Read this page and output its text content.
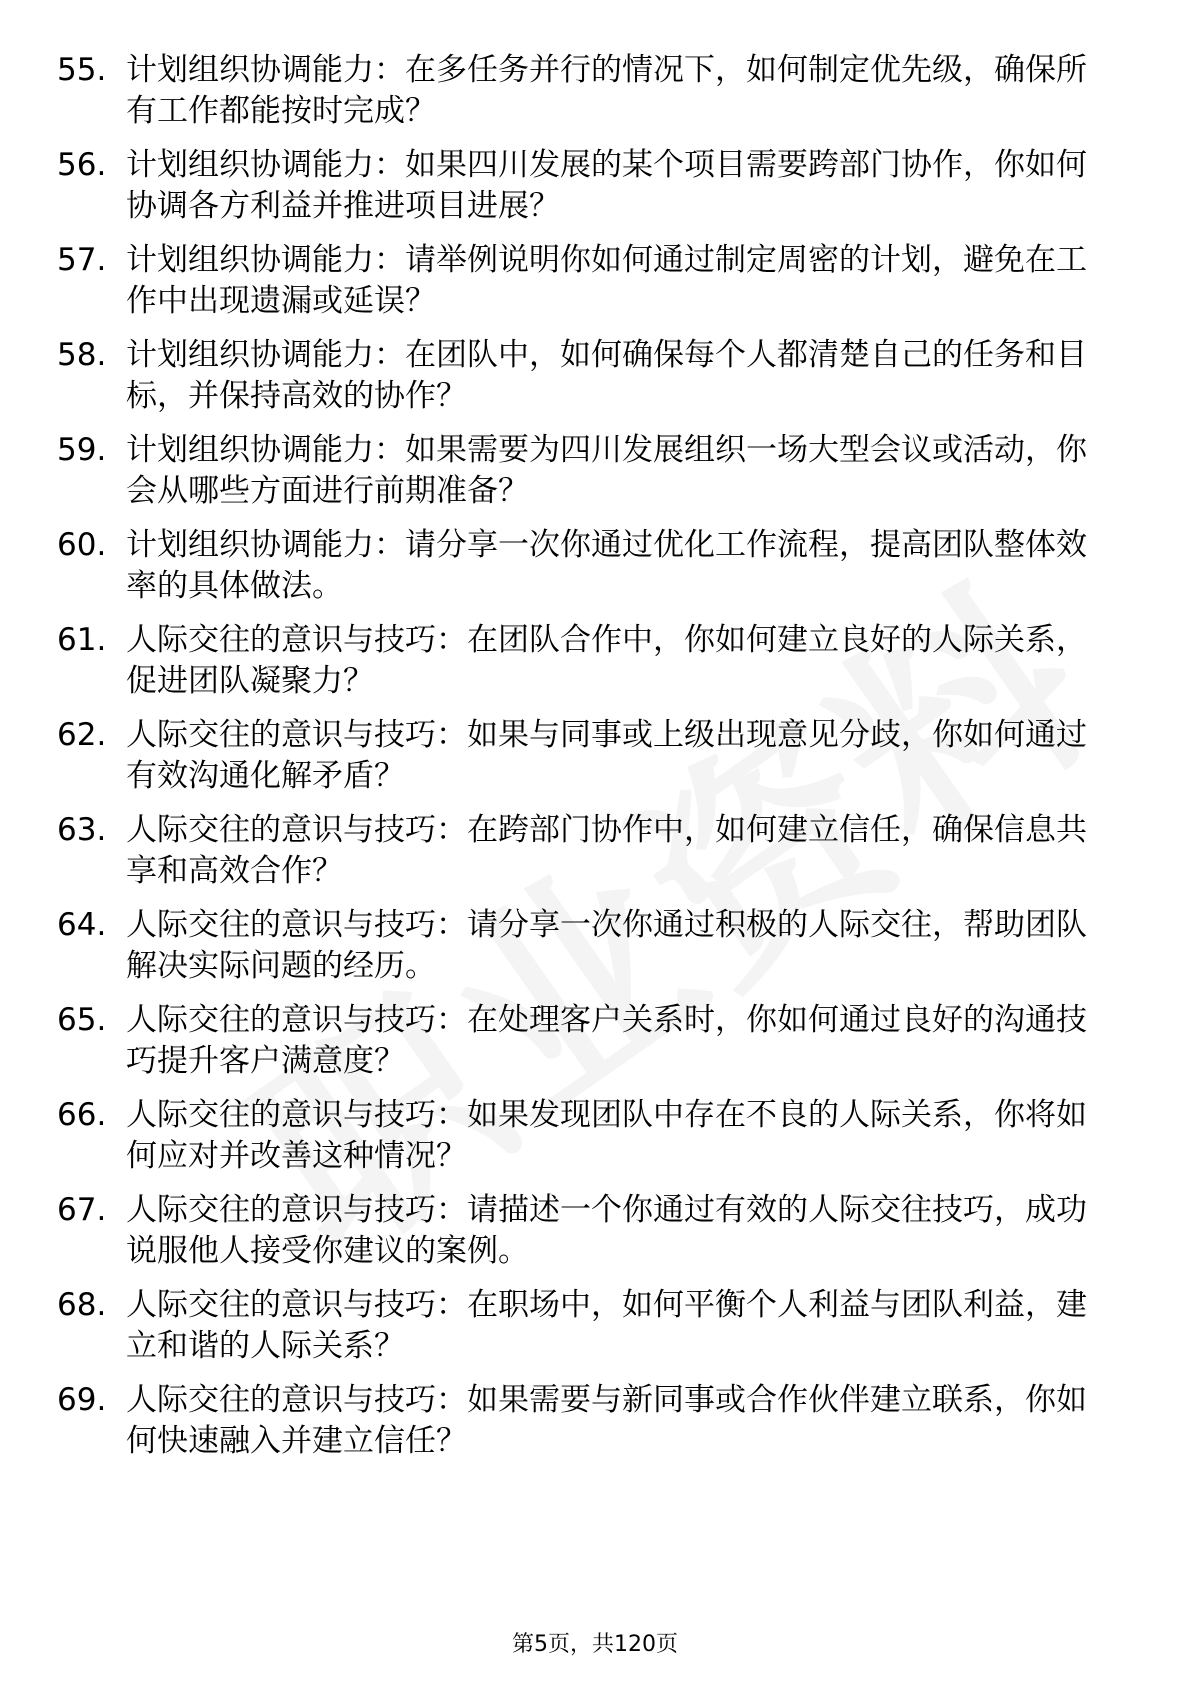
55. 计划组织协调能力：在多任务并行的情况下，如何制定优先级，确保所有工作都能按时完成？
56. 计划组织协调能力：如果四川发展的某个项目需要跨部门协作，你如何协调各方利益并推进项目进展？
57. 计划组织协调能力：请举例说明你如何通过制定周密的计划，避免在工作中出现遗漏或延误？
58. 计划组织协调能力：在团队中，如何确保每个人都清楚自己的任务和目标，并保持高效的协作？
59. 计划组织协调能力：如果需要为四川发展组织一场大型会议或活动，你会从哪些方面进行前期准备？
60. 计划组织协调能力：请分享一次你通过优化工作流程，提高团队整体效率的具体做法。
61. 人际交往的意识与技巧：在团队合作中，你如何建立良好的人际关系，促进团队凝聚力？
62. 人际交往的意识与技巧：如果与同事或上级出现意见分歧，你如何通过有效沟通化解矛盾？
63. 人际交往的意识与技巧：在跨部门协作中，如何建立信任，确保信息共享和高效合作？
64. 人际交往的意识与技巧：请分享一次你通过积极的人际交往，帮助团队解决实际问题的经历。
65. 人际交往的意识与技巧：在处理客户关系时，你如何通过良好的沟通技巧提升客户满意度？
66. 人际交往的意识与技巧：如果发现团队中存在不良的人际关系，你将如何应对并改善这种情况？
67. 人际交往的意识与技巧：请描述一个你通过有效的人际交往技巧，成功说服他人接受你建议的案例。
68. 人际交往的意识与技巧：在职场中，如何平衡个人利益与团队利益，建立和谐的人际关系？
69. 人际交往的意识与技巧：如果需要与新同事或合作伙伴建立联系，你如何快速融入并建立信任？
第5页，共120页
